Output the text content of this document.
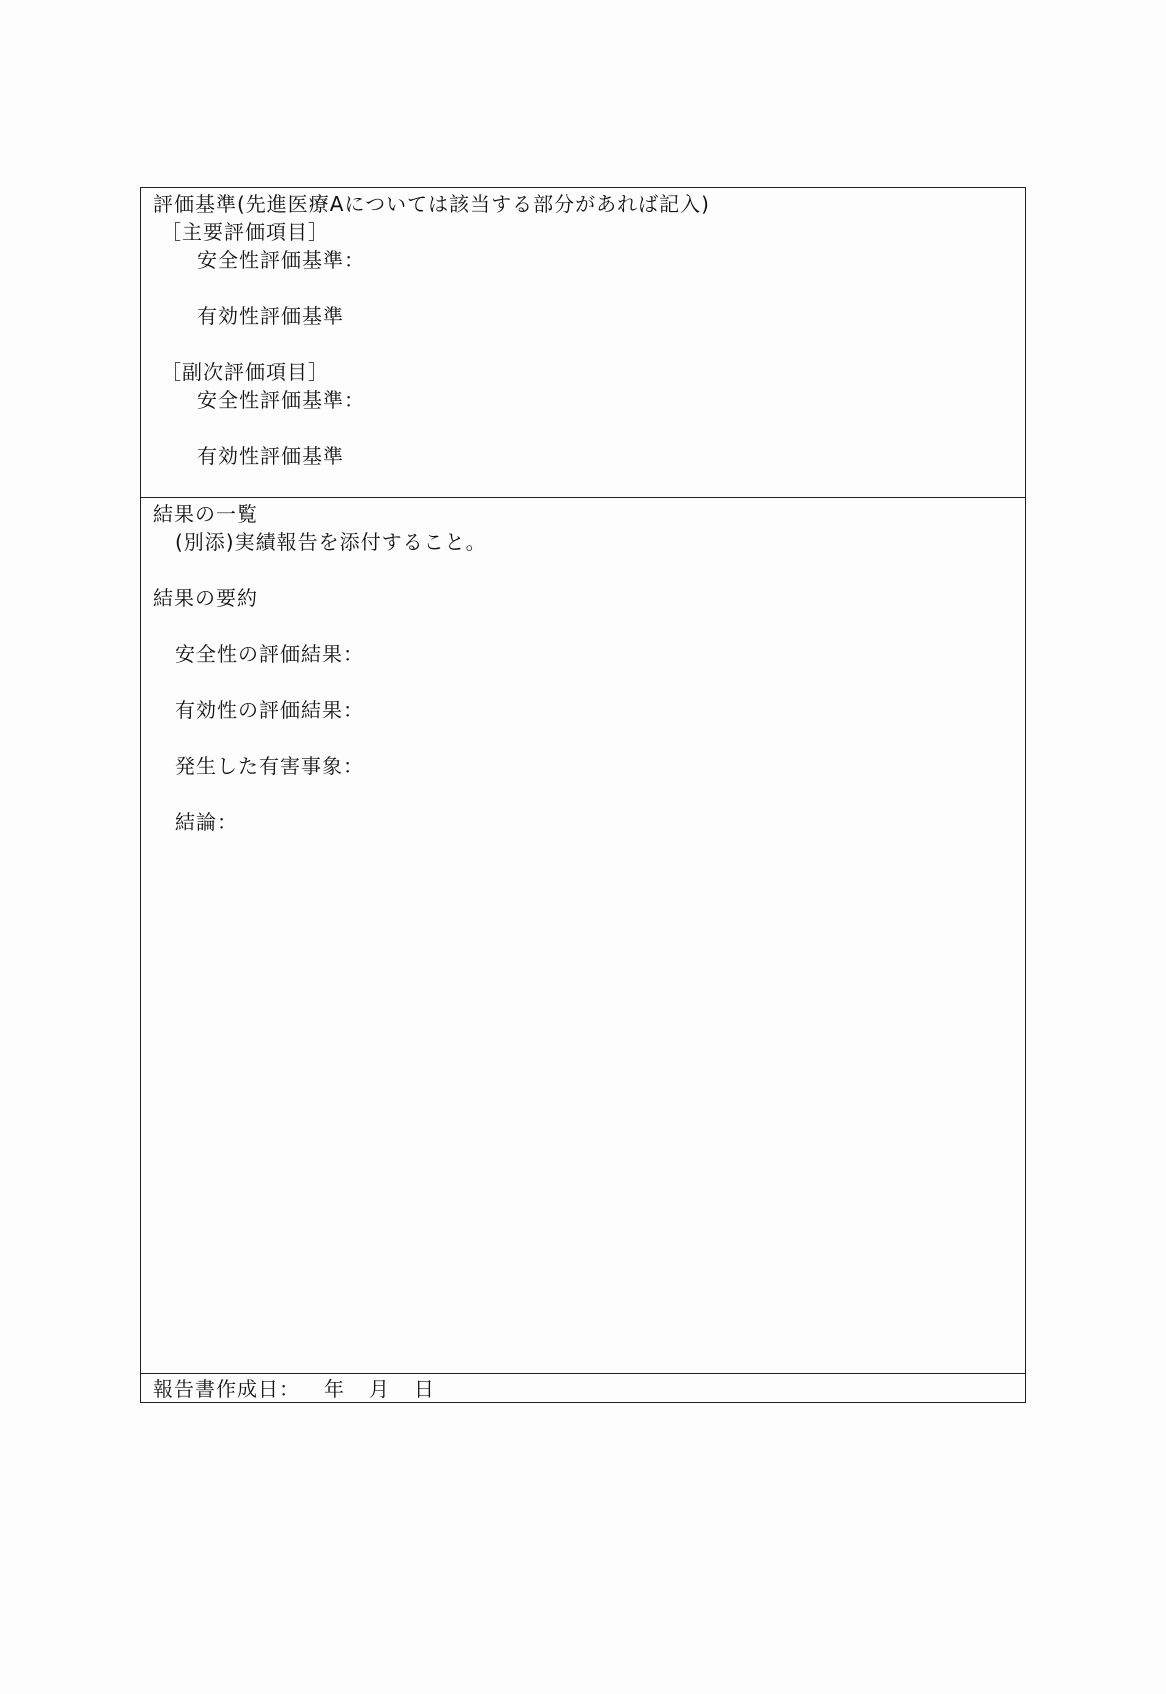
評価基準(先進医療Aについては該当する部分があれば記入)
［主要評価項目］
安全性評価基準：
有効性評価基準
［副次評価項目］
安全性評価基準：
有効性評価基準
結果の一覧
(別添)実績報告を添付すること。
結果の要約
安全性の評価結果：
有効性の評価結果：
発生した有害事象：
結論：
報告書作成日： 年 月 日
